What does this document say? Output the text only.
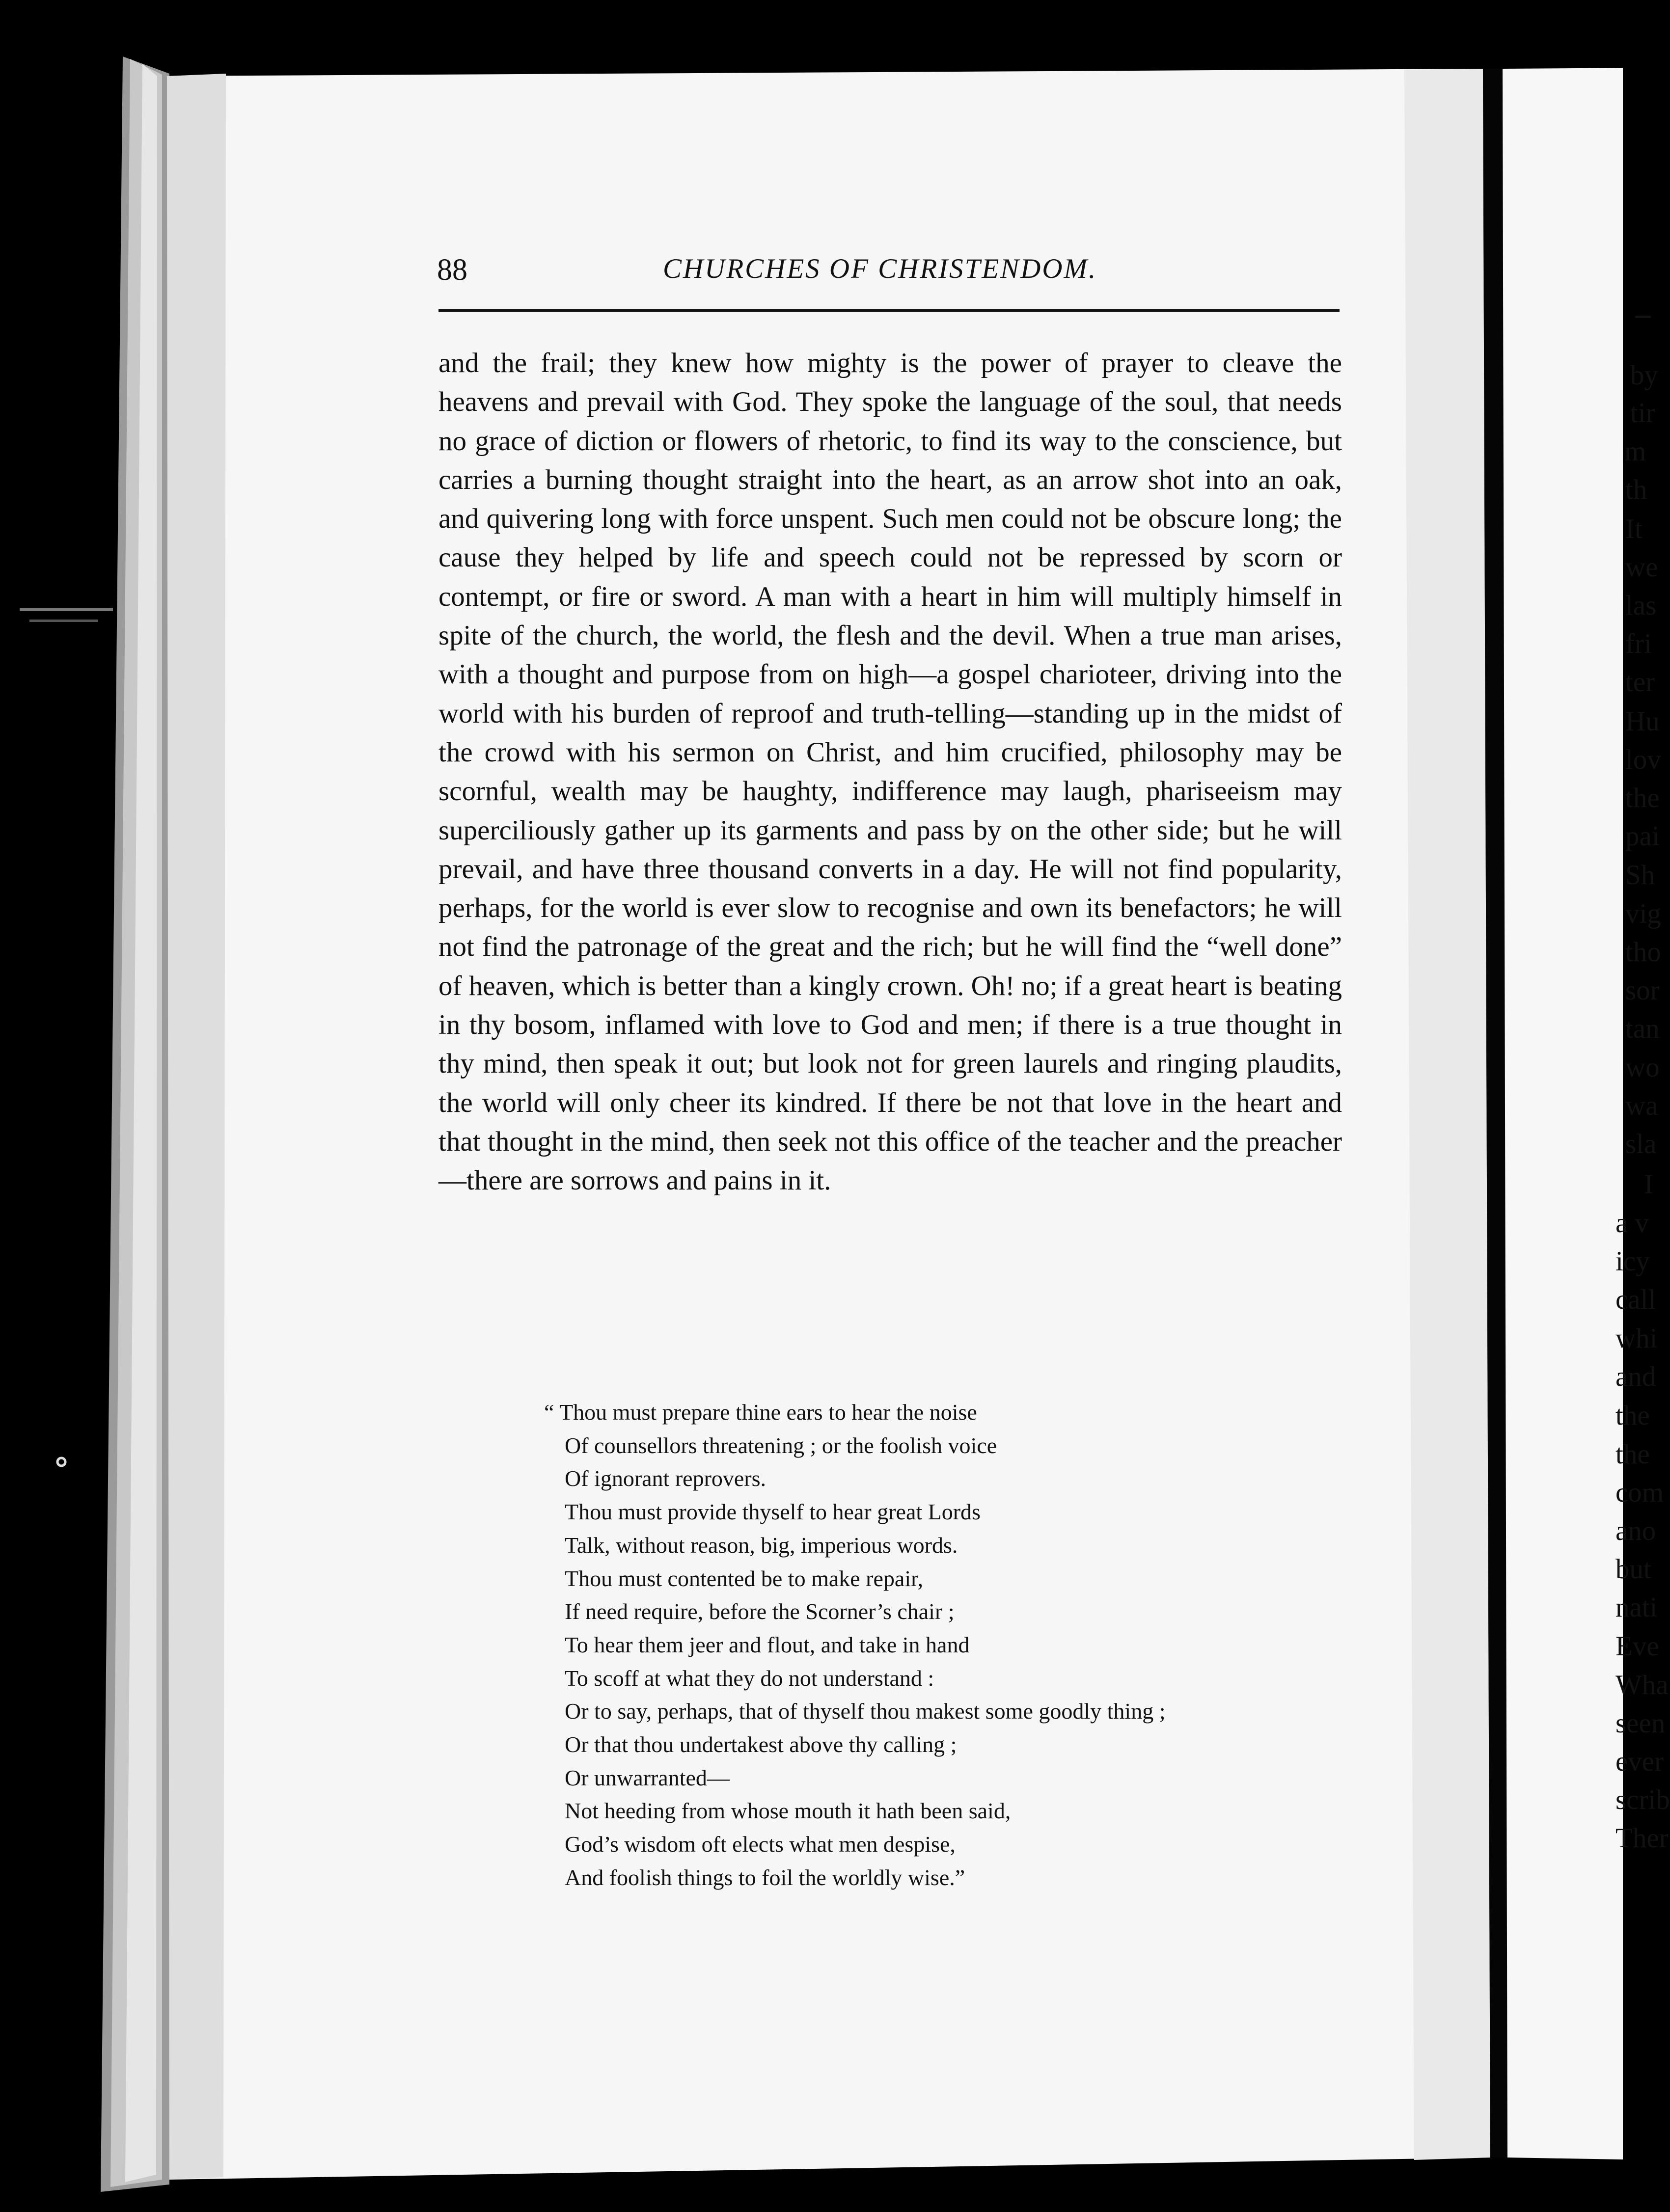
88	CHURCHES OF CHRISTENDOM.
and the frail; they knew how mighty is the power of prayer to cleave the heavens and prevail with God. They spoke the language of the soul, that needs no grace of diction or flowers of rhetoric, to find its way to the conscience, but carries a burning thought straight into the heart, as an arrow shot into an oak, and quivering long with force unspent. Such men could not be obscure long; the cause they helped by life and speech could not be repressed by scorn or contempt, or fire or sword. A man with a heart in him will multiply himself in spite of the church, the world, the flesh and the devil. When a true man arises, with a thought and purpose from on high—a gospel charioteer, driving into the world with his burden of reproof and truth-telling—standing up in the midst of the crowd with his sermon on Christ, and him crucified, philosophy may be scornful, wealth may be haughty, indifference may laugh, phariseeism may superciliously gather up its garments and pass by on the other side; but he will prevail, and have three thousand converts in a day. He will not find popularity, perhaps, for the world is ever slow to recognise and own its benefactors; he will not find the patronage of the great and the rich; but he will find the “well done” of heaven, which is better than a kingly crown. Oh! no; if a great heart is beating in thy bosom, inflamed with love to God and men; if there is a true thought in thy mind, then speak it out; but look not for green laurels and ringing plaudits, the world will only cheer its kindred. If there be not that love in the heart and that thought in the mind, then seek not this office of the teacher and the preacher—there are sorrows and pains in it.
“ Thou must prepare thine ears to hear the noise
Of counsellors threatening ; or the foolish voice
Of ignorant reprovers.
Thou must provide thyself to hear great Lords
Talk, without reason, big, imperious words.
Thou must contented be to make repair,
If need require, before the Scorner’s chair ;
To hear them jeer and flout, and take in hand
To scoff at what they do not understand :
Or to say, perhaps, that of thyself thou makest some goodly thing ;
Or that thou undertakest above thy calling ;
Or unwarranted—
Not heeding from whose mouth it hath been said,
God’s wisdom oft elects what men despise,
And foolish things to foil the worldly wise.”
by
tir
m
th
It
we
las
fri
ter
Hu
lov
the
pai
Sh
vig
tho
sor
tan
wo
wa
sla
I
a v
icy
call
whi
and
the
the
com
ano
but
nati
Eve
Wha
seen
ever
scrib
Ther
